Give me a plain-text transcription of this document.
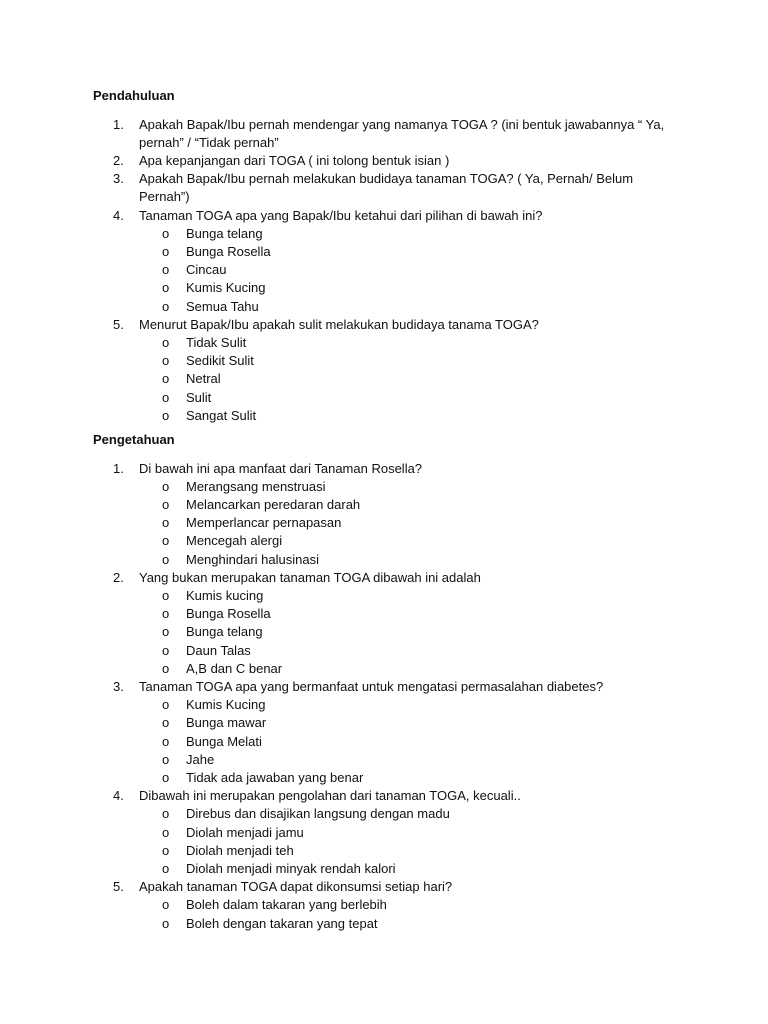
Pendahuluan
1. Apakah Bapak/Ibu pernah mendengar yang namanya TOGA ? (ini bentuk jawabannya “ Ya,
pernah” / “Tidak pernah”
2. Apa kepanjangan dari TOGA ( ini tolong bentuk isian )
3. Apakah Bapak/Ibu pernah melakukan budidaya tanaman TOGA? ( Ya, Pernah/ Belum
Pernah”)
4. Tanaman TOGA apa yang Bapak/Ibu ketahui dari pilihan di bawah ini?
o Bunga telang
o Bunga Rosella
o Cincau
o Kumis Kucing
o Semua Tahu
5. Menurut Bapak/Ibu apakah sulit melakukan budidaya tanama TOGA?
o Tidak Sulit
o Sedikit Sulit
o Netral
o Sulit
o Sangat Sulit
Pengetahuan
1. Di bawah ini apa manfaat dari Tanaman Rosella?
o Merangsang menstruasi
o Melancarkan peredaran darah
o Memperlancar pernapasan
o Mencegah alergi
o Menghindari halusinasi
2. Yang bukan merupakan tanaman TOGA dibawah ini adalah
o Kumis kucing
o Bunga Rosella
o Bunga telang
o Daun Talas
o A,B dan C benar
3. Tanaman TOGA apa yang bermanfaat untuk mengatasi permasalahan diabetes?
o Kumis Kucing
o Bunga mawar
o Bunga Melati
o Jahe
o Tidak ada jawaban yang benar
4. Dibawah ini merupakan pengolahan dari tanaman TOGA, kecuali..
o Direbus dan disajikan langsung dengan madu
o Diolah menjadi jamu
o Diolah menjadi teh
o Diolah menjadi minyak rendah kalori
5. Apakah tanaman TOGA dapat dikonsumsi setiap hari?
o Boleh dalam takaran yang berlebih
o Boleh dengan takaran yang tepat
